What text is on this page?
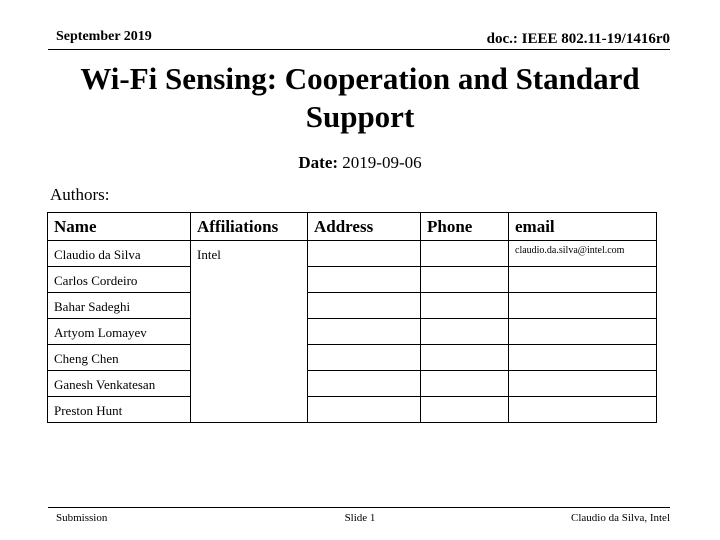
September 2019	doc.: IEEE 802.11-19/1416r0
Wi-Fi Sensing: Cooperation and Standard
Support
Date: 2019-09-06
Authors:
Name	Affiliations	Address	Phone	email
Claudio da Silva	Intel			claudio.da.silva@intel.com
Carlos Cordeiro				
Bahar Sadeghi				
Artyom Lomayev				
Cheng Chen				
Ganesh Venkatesan				
Preston Hunt				
Submission	Slide 1	Claudio da Silva, Intel
